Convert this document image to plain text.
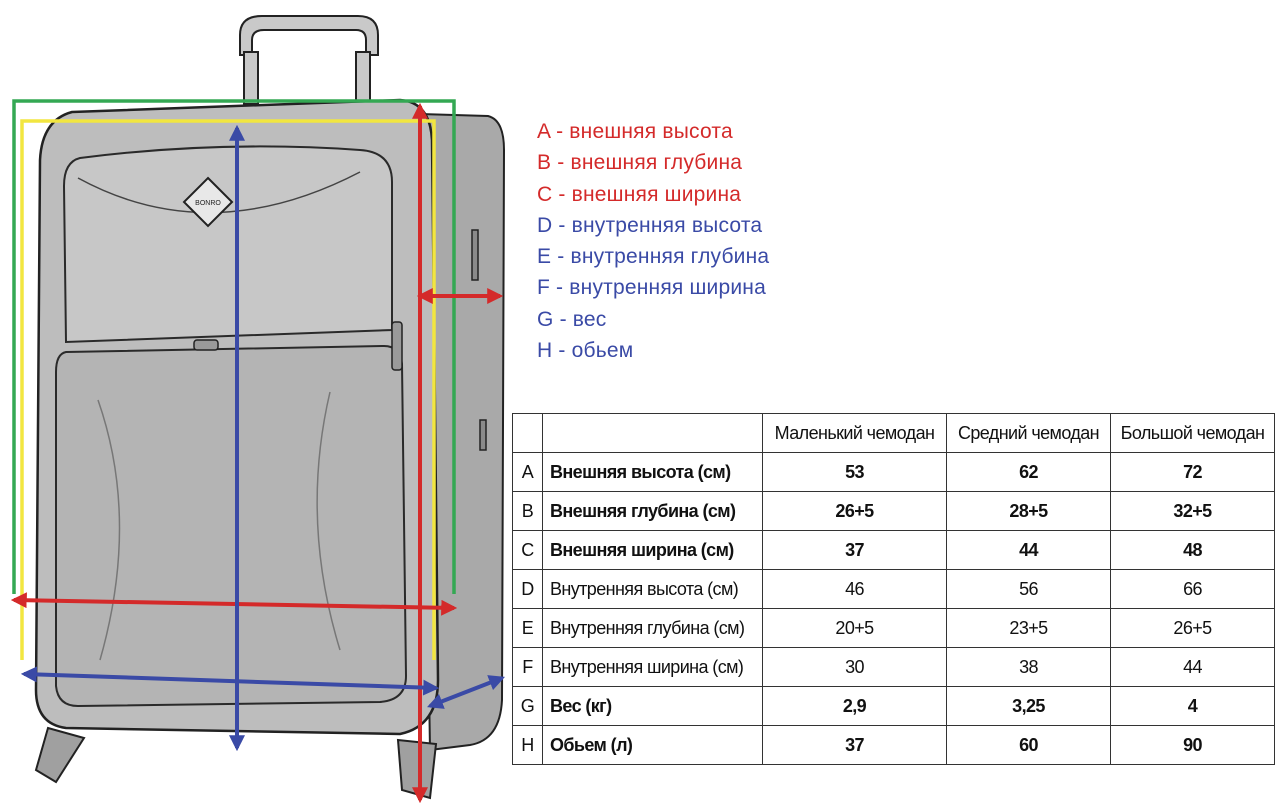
BONRO
A - внешняя высота
B - внешняя глубина
C - внешняя ширина
D - внутренняя высота
E - внутренняя глубина
F - внутренняя ширина
G - вес
H - обьем
		Маленький чемодан	Средний чемодан	Большой чемодан
A	Внешняя высота (см)	53	62	72
B	Внешняя глубина (см)	26+5	28+5	32+5
C	Внешняя ширина (см)	37	44	48
D	Внутренняя высота (см)	46	56	66
E	Внутренняя глубина (см)	20+5	23+5	26+5
F	Внутренняя ширина (см)	30	38	44
G	Вес (кг)	2,9	3,25	4
H	Обьем (л)	37	60	90
